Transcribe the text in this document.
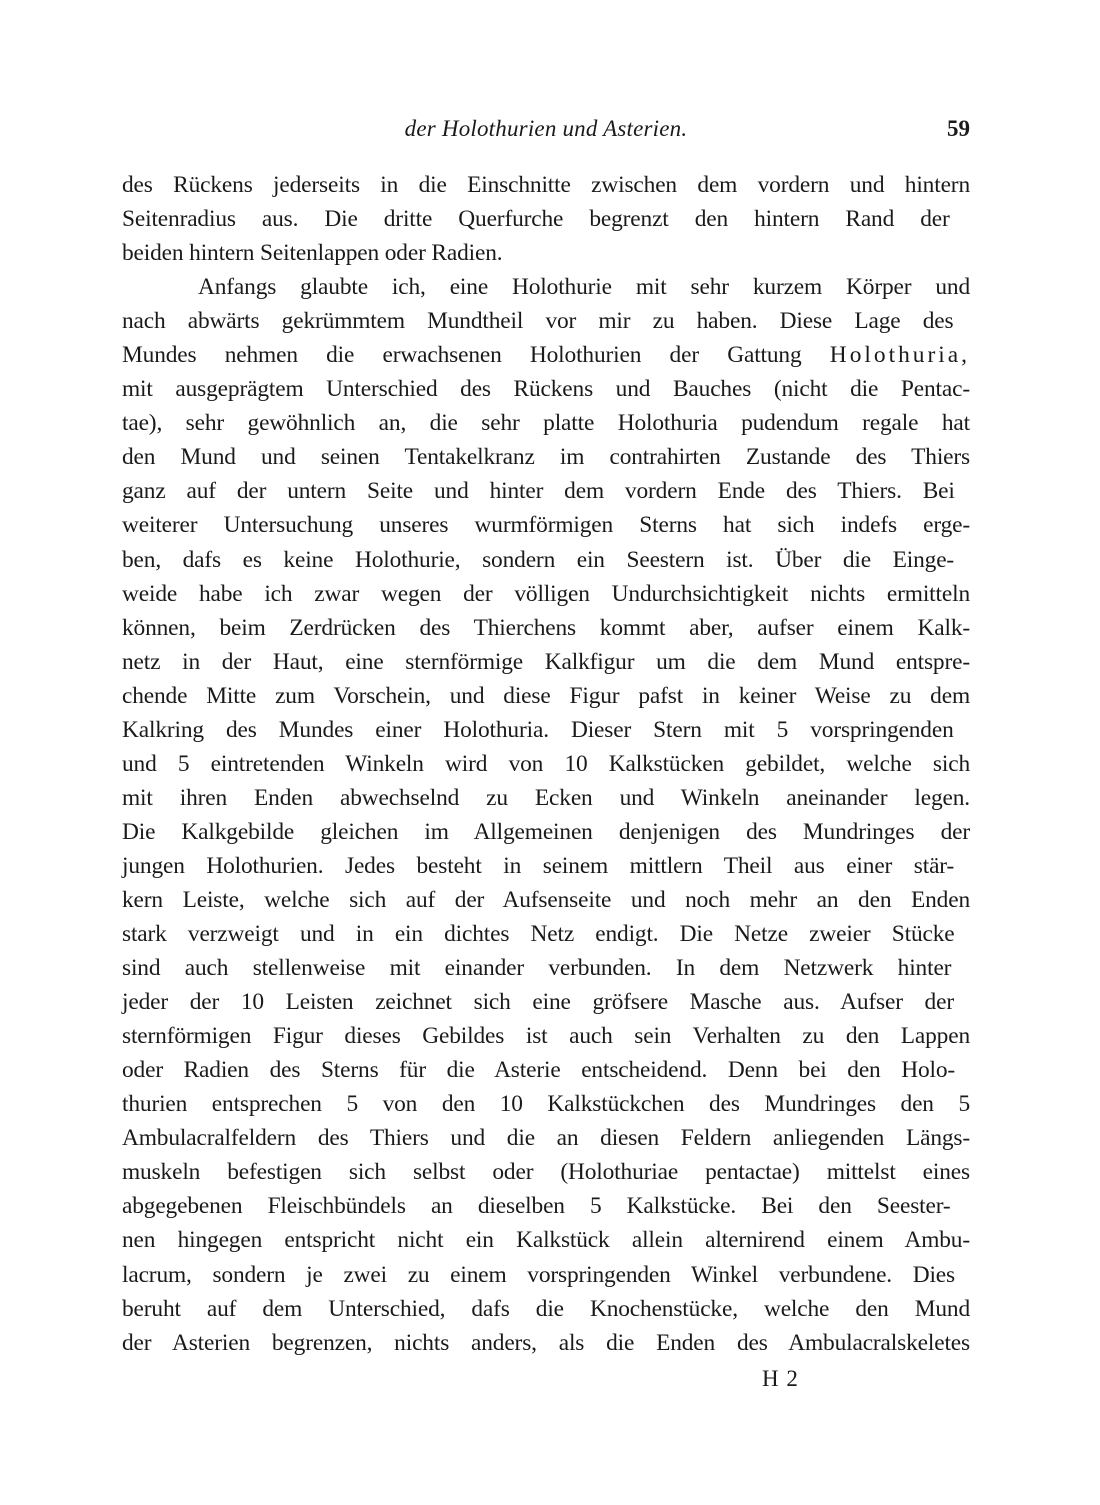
der Holothurien und Asterien.	59
des Rückens jederseits in die Einschnitte zwischen dem vordern und hintern
Seitenradius aus. Die dritte Querfurche begrenzt den hintern Rand der
beiden hintern Seitenlappen oder Radien.
Anfangs glaubte ich, eine Holothurie mit sehr kurzem Körper und
nach abwärts gekrümmtem Mundtheil vor mir zu haben. Diese Lage des
Mundes nehmen die erwachsenen Holothurien der Gattung Holothuria,
mit ausgeprägtem Unterschied des Rückens und Bauches (nicht die Pentac-
tae), sehr gewöhnlich an, die sehr platte Holothuria pudendum regale hat
den Mund und seinen Tentakelkranz im contrahirten Zustande des Thiers
ganz auf der untern Seite und hinter dem vordern Ende des Thiers. Bei
weiterer Untersuchung unseres wurmförmigen Sterns hat sich indefs erge-
ben, dafs es keine Holothurie, sondern ein Seestern ist. Über die Einge-
weide habe ich zwar wegen der völligen Undurchsichtigkeit nichts ermitteln
können, beim Zerdrücken des Thierchens kommt aber, aufser einem Kalk-
netz in der Haut, eine sternförmige Kalkfigur um die dem Mund entspre-
chende Mitte zum Vorschein, und diese Figur pafst in keiner Weise zu dem
Kalkring des Mundes einer Holothuria. Dieser Stern mit 5 vorspringenden
und 5 eintretenden Winkeln wird von 10 Kalkstücken gebildet, welche sich
mit ihren Enden abwechselnd zu Ecken und Winkeln aneinander legen.
Die Kalkgebilde gleichen im Allgemeinen denjenigen des Mundringes der
jungen Holothurien. Jedes besteht in seinem mittlern Theil aus einer stär-
kern Leiste, welche sich auf der Aufsenseite und noch mehr an den Enden
stark verzweigt und in ein dichtes Netz endigt. Die Netze zweier Stücke
sind auch stellenweise mit einander verbunden. In dem Netzwerk hinter
jeder der 10 Leisten zeichnet sich eine gröfsere Masche aus. Aufser der
sternförmigen Figur dieses Gebildes ist auch sein Verhalten zu den Lappen
oder Radien des Sterns für die Asterie entscheidend. Denn bei den Holo-
thurien entsprechen 5 von den 10 Kalkstückchen des Mundringes den 5
Ambulacralfeldern des Thiers und die an diesen Feldern anliegenden Längs-
muskeln befestigen sich selbst oder (Holothuriae pentactae) mittelst eines
abgegebenen Fleischbündels an dieselben 5 Kalkstücke. Bei den Seester-
nen hingegen entspricht nicht ein Kalkstück allein alternirend einem Ambu-
lacrum, sondern je zwei zu einem vorspringenden Winkel verbundene. Dies
beruht auf dem Unterschied, dafs die Knochenstücke, welche den Mund
der Asterien begrenzen, nichts anders, als die Enden des Ambulacralskeletes
H 2
